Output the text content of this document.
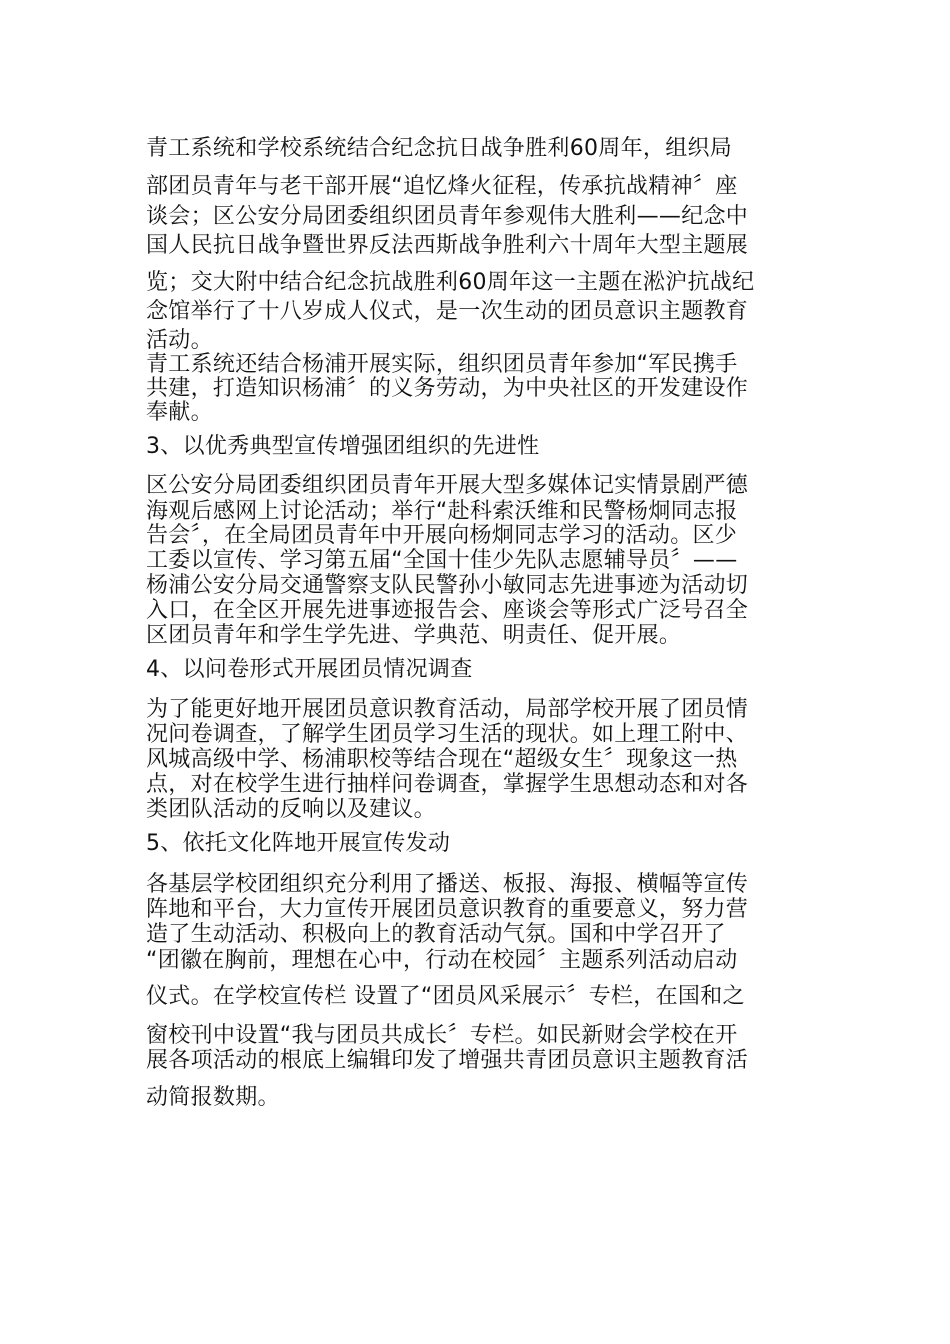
青工系统和学校系统结合纪念抗日战争胜利60周年，组织局
部团员青年与老干部开展“追忆烽火征程，传承抗战精神〞座
谈会；区公安分局团委组织团员青年参观伟大胜利——纪念中
国人民抗日战争暨世界反法西斯战争胜利六十周年大型主题展
览；交大附中结合纪念抗战胜利60周年这一主题在淞沪抗战纪
念馆举行了十八岁成人仪式，是一次生动的团员意识主题教育
活动。
青工系统还结合杨浦开展实际，组织团员青年参加“军民携手
共建，打造知识杨浦〞的义务劳动，为中央社区的开发建设作
奉献。
3、以优秀典型宣传增强团组织的先进性
区公安分局团委组织团员青年开展大型多媒体记实情景剧严德
海观后感网上讨论活动；举行“赴科索沃维和民警杨炯同志报
告会〞，在全局团员青年中开展向杨炯同志学习的活动。区少
工委以宣传、学习第五届“全国十佳少先队志愿辅导员〞——
杨浦公安分局交通警察支队民警孙小敏同志先进事迹为活动切
入口，在全区开展先进事迹报告会、座谈会等形式广泛号召全
区团员青年和学生学先进、学典范、明责任、促开展。
4、以问卷形式开展团员情况调查
为了能更好地开展团员意识教育活动，局部学校开展了团员情
况问卷调查，了解学生团员学习生活的现状。如上理工附中、
风城高级中学、杨浦职校等结合现在“超级女生〞现象这一热
点，对在校学生进行抽样问卷调查，掌握学生思想动态和对各
类团队活动的反响以及建议。
5、依托文化阵地开展宣传发动
各基层学校团组织充分利用了播送、板报、海报、横幅等宣传
阵地和平台，大力宣传开展团员意识教育的重要意义，努力营
造了生动活动、积极向上的教育活动气氛。国和中学召开了
“团徽在胸前，理想在心中，行动在校园〞主题系列活动启动
仪式。在学校宣传栏 设置了“团员风采展示〞专栏，在国和之
窗校刊中设置“我与团员共成长〞专栏。如民新财会学校在开
展各项活动的根底上编辑印发了增强共青团员意识主题教育活
动简报数期。
